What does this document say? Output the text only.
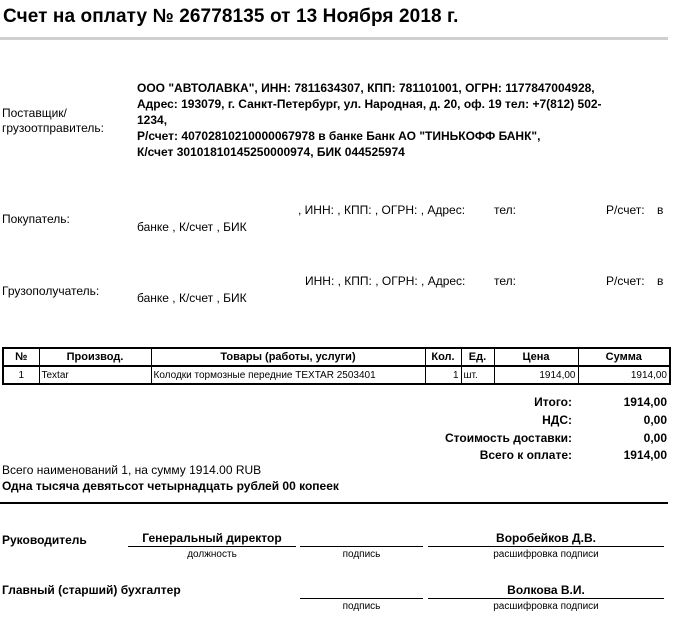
Счет на оплату № 26778135 от 13 Ноября 2018 г.
Поставщик/
грузоотправитель:
ООО "АВТОЛАВКА", ИНН: 7811634307, КПП: 781101001, ОГРН: 1177847004928,
Адрес: 193079, г. Санкт-Петербург, ул. Народная, д. 20, оф. 19 тел: +7(812) 502-
1234,
Р/счет: 40702810210000067978 в банке Банк АО "ТИНЬКОФФ БАНК",
К/счет 30101810145250000974, БИК 044525974
Покупатель:
, ИНН: , КПП: , ОГРН: , Адрес: тел:	Р/счет: в
банке , К/счет , БИК
Грузополучатель:
ИНН: , КПП: , ОГРН: , Адрес: тел:	Р/счет: в
банке , К/счет , БИК
№	Производ.	Товары (работы, услуги)	Кол.	Ед.	Цена	Сумма
1	Textar	Колодки тормозные передние TEXTAR 2503401	1	шт.	1914,00	1914,00
Итого:	1914,00
НДС:	0,00
Стоимость доставки:	0,00
Всего к оплате:	1914,00
Всего наименований 1, на сумму 1914.00 RUB
Одна тысяча девятьсот четырнадцать рублей 00 копеек
Руководитель	Генеральный директор	Воробейков Д.В.
должность	подпись	расшифровка подписи
Главный (старший) бухгалтер	Волкова В.И.
подпись	расшифровка подписи
